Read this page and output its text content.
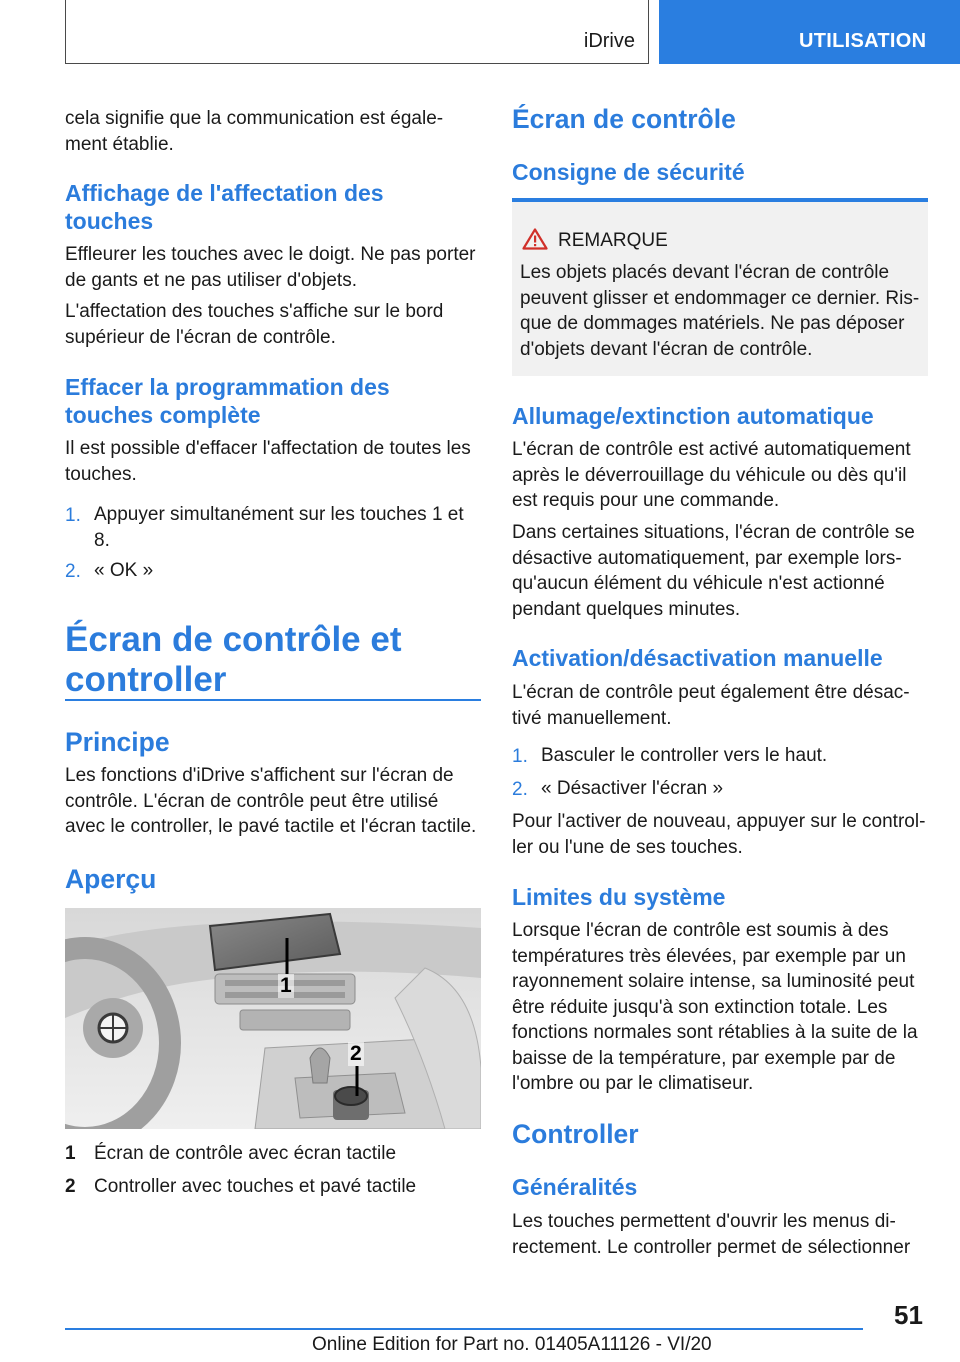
iDrive	UTILISATION
cela signifie que la communication est égale-
ment établie.
Affichage de l'affectation des
touches
Effleurer les touches avec le doigt. Ne pas porter
de gants et ne pas utiliser d'objets.
L'affectation des touches s'affiche sur le bord
supérieur de l'écran de contrôle.
Effacer la programmation des
touches complète
Il est possible d'effacer l'affectation de toutes les
touches.
1. Appuyer simultanément sur les touches 1 et
8.
2. « OK »
Écran de contrôle et
controller
Principe
Les fonctions d'iDrive s'affichent sur l'écran de
contrôle. L'écran de contrôle peut être utilisé
avec le controller, le pavé tactile et l'écran tactile.
Aperçu
1
2
1 Écran de contrôle avec écran tactile
2 Controller avec touches et pavé tactile
Écran de contrôle
Consigne de sécurité
REMARQUE
Les objets placés devant l'écran de contrôle
peuvent glisser et endommager ce dernier. Ris-
que de dommages matériels. Ne pas déposer
d'objets devant l'écran de contrôle.
Allumage/extinction automatique
L'écran de contrôle est activé automatiquement
après le déverrouillage du véhicule ou dès qu'il
est requis pour une commande.
Dans certaines situations, l'écran de contrôle se
désactive automatiquement, par exemple lors-
qu'aucun élément du véhicule n'est actionné
pendant quelques minutes.
Activation/désactivation manuelle
L'écran de contrôle peut également être désac-
tivé manuellement.
1. Basculer le controller vers le haut.
2. « Désactiver l'écran »
Pour l'activer de nouveau, appuyer sur le control-
ler ou l'une de ses touches.
Limites du système
Lorsque l'écran de contrôle est soumis à des
températures très élevées, par exemple par un
rayonnement solaire intense, sa luminosité peut
être réduite jusqu'à son extinction totale. Les
fonctions normales sont rétablies à la suite de la
baisse de la température, par exemple par de
l'ombre ou par le climatiseur.
Controller
Généralités
Les touches permettent d'ouvrir les menus di-
rectement. Le controller permet de sélectionner
51
Online Edition for Part no. 01405A11126 - VI/20
